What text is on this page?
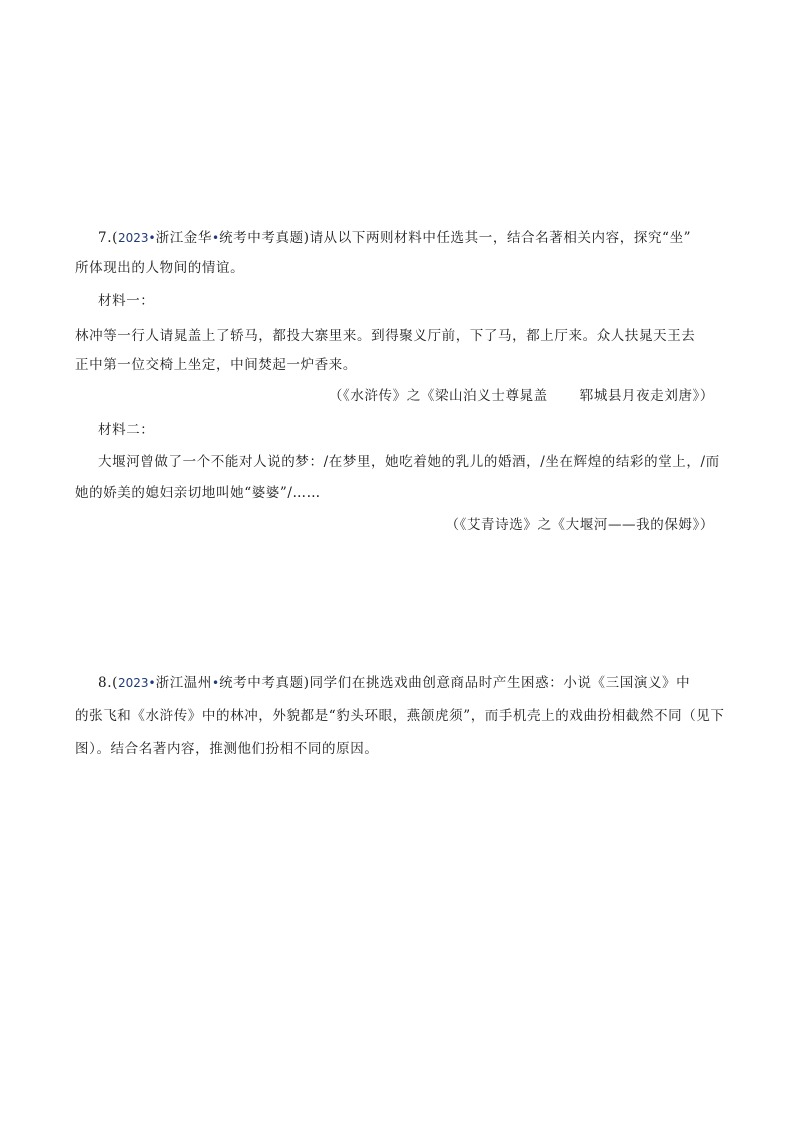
7.(2023•浙江金华•统考中考真题)请从以下两则材料中任选其一，结合名著相关内容，探究“坐”
所体现出的人物间的情谊。
材料一：
林冲等一行人请晁盖上了轿马，都投大寨里来。到得聚义厅前，下了马，都上厅来。众人扶晁天王去
正中第一位交椅上坐定，中间焚起一炉香来。
（《水浒传》之《梁山泊义士尊晁盖 郓城县月夜走刘唐》）
材料二：
大堰河曾做了一个不能对人说的梦：/在梦里，她吃着她的乳儿的婚酒，/坐在辉煌的结彩的堂上，/而
她的娇美的媳妇亲切地叫她“婆婆”/……
（《艾青诗选》之《大堰河——我的保姆》）
8.(2023•浙江温州•统考中考真题)同学们在挑选戏曲创意商品时产生困惑：小说《三国演义》中
的张飞和《水浒传》中的林冲，外貌都是“豹头环眼，燕颌虎须”，而手机壳上的戏曲扮相截然不同（见下
图）。结合名著内容，推测他们扮相不同的原因。
